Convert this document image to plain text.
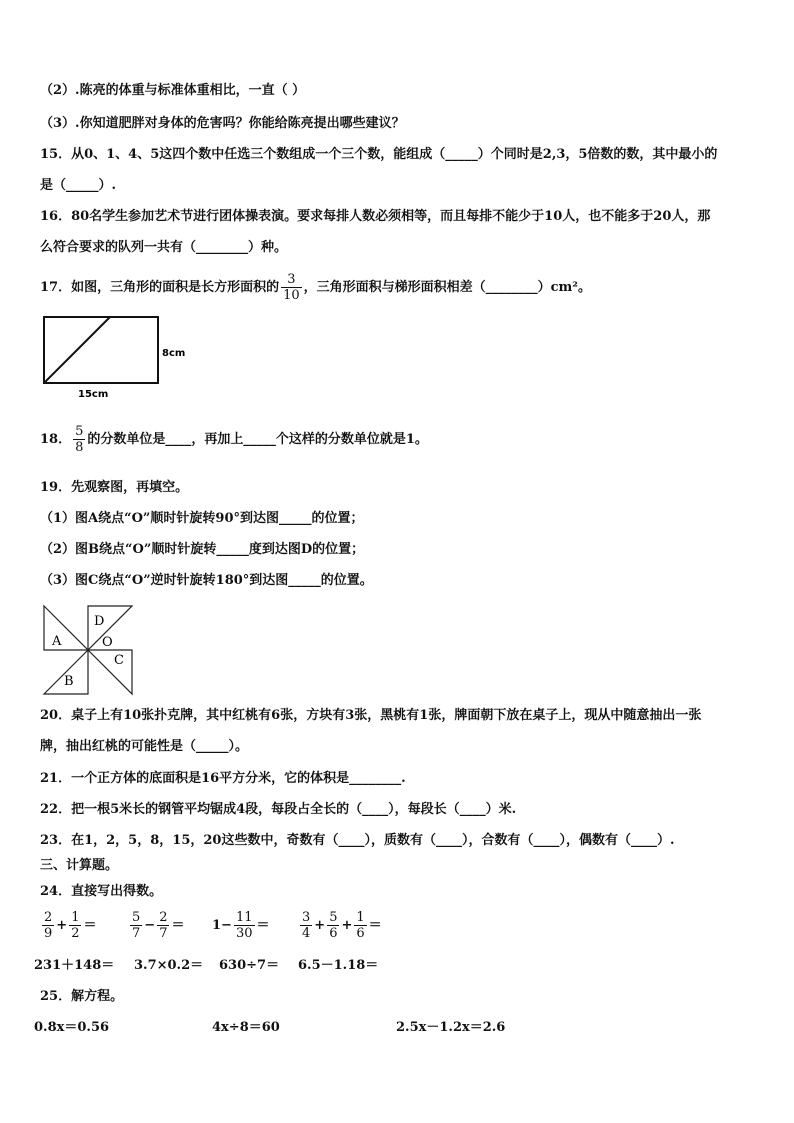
（2）.陈亮的体重与标准体重相比，一直（ ）
（3）.你知道肥胖对身体的危害吗？你能给陈亮提出哪些建议？
15．从0、1、4、5这四个数中任选三个数组成一个三个数，能组成（_____）个同时是2,3，5倍数的数，其中最小的
是（_____）.
16．80名学生参加艺术节进行团体操表演。要求每排人数必须相等，而且每排不能少于10人，也不能多于20人，那
么符合要求的队列一共有（________）种。
17．如图，三角形的面积是长方形面积的 $\frac{3}{10}$ ，三角形面积与梯形面积相差（________）cm²。
8cm
15cm
18． $\frac{5}{8}$ 的分数单位是____，再加上_____个这样的分数单位就是1。
19．先观察图，再填空。
（1）图A绕点“O”顺时针旋转90°到达图_____的位置；
（2）图B绕点“O”顺时针旋转_____度到达图D的位置；
（3）图C绕点“O”逆时针旋转180°到达图_____的位置。
A
B
C
D
O
20．桌子上有10张扑克牌，其中红桃有6张，方块有3张，黑桃有1张，牌面朝下放在桌子上，现从中随意抽出一张
牌，抽出红桃的可能性是（_____）。
21．一个正方体的底面积是16平方分米，它的体积是________.
22．把一根5米长的钢管平均锯成4段，每段占全长的（____），每段长（____）米.
23．在1，2，5，8，15，20这些数中，奇数有（____），质数有（____），合数有（____），偶数有（____）.
三、计算题。
24．直接写出得数。
$\frac{2}{9} + \frac{1}{2}$ ＝	$\frac{5}{7} - \frac{2}{7} = 1- \frac{11}{30} = \frac{3}{4} + \frac{5}{6} + \frac{1}{6}$ ＝
231＋148＝ 3.7×0.2＝ 630÷7＝ 6.5－1.18＝
25．解方程。
0.8x＝0.56	4x÷8＝60	2.5x－1.2x＝2.6
